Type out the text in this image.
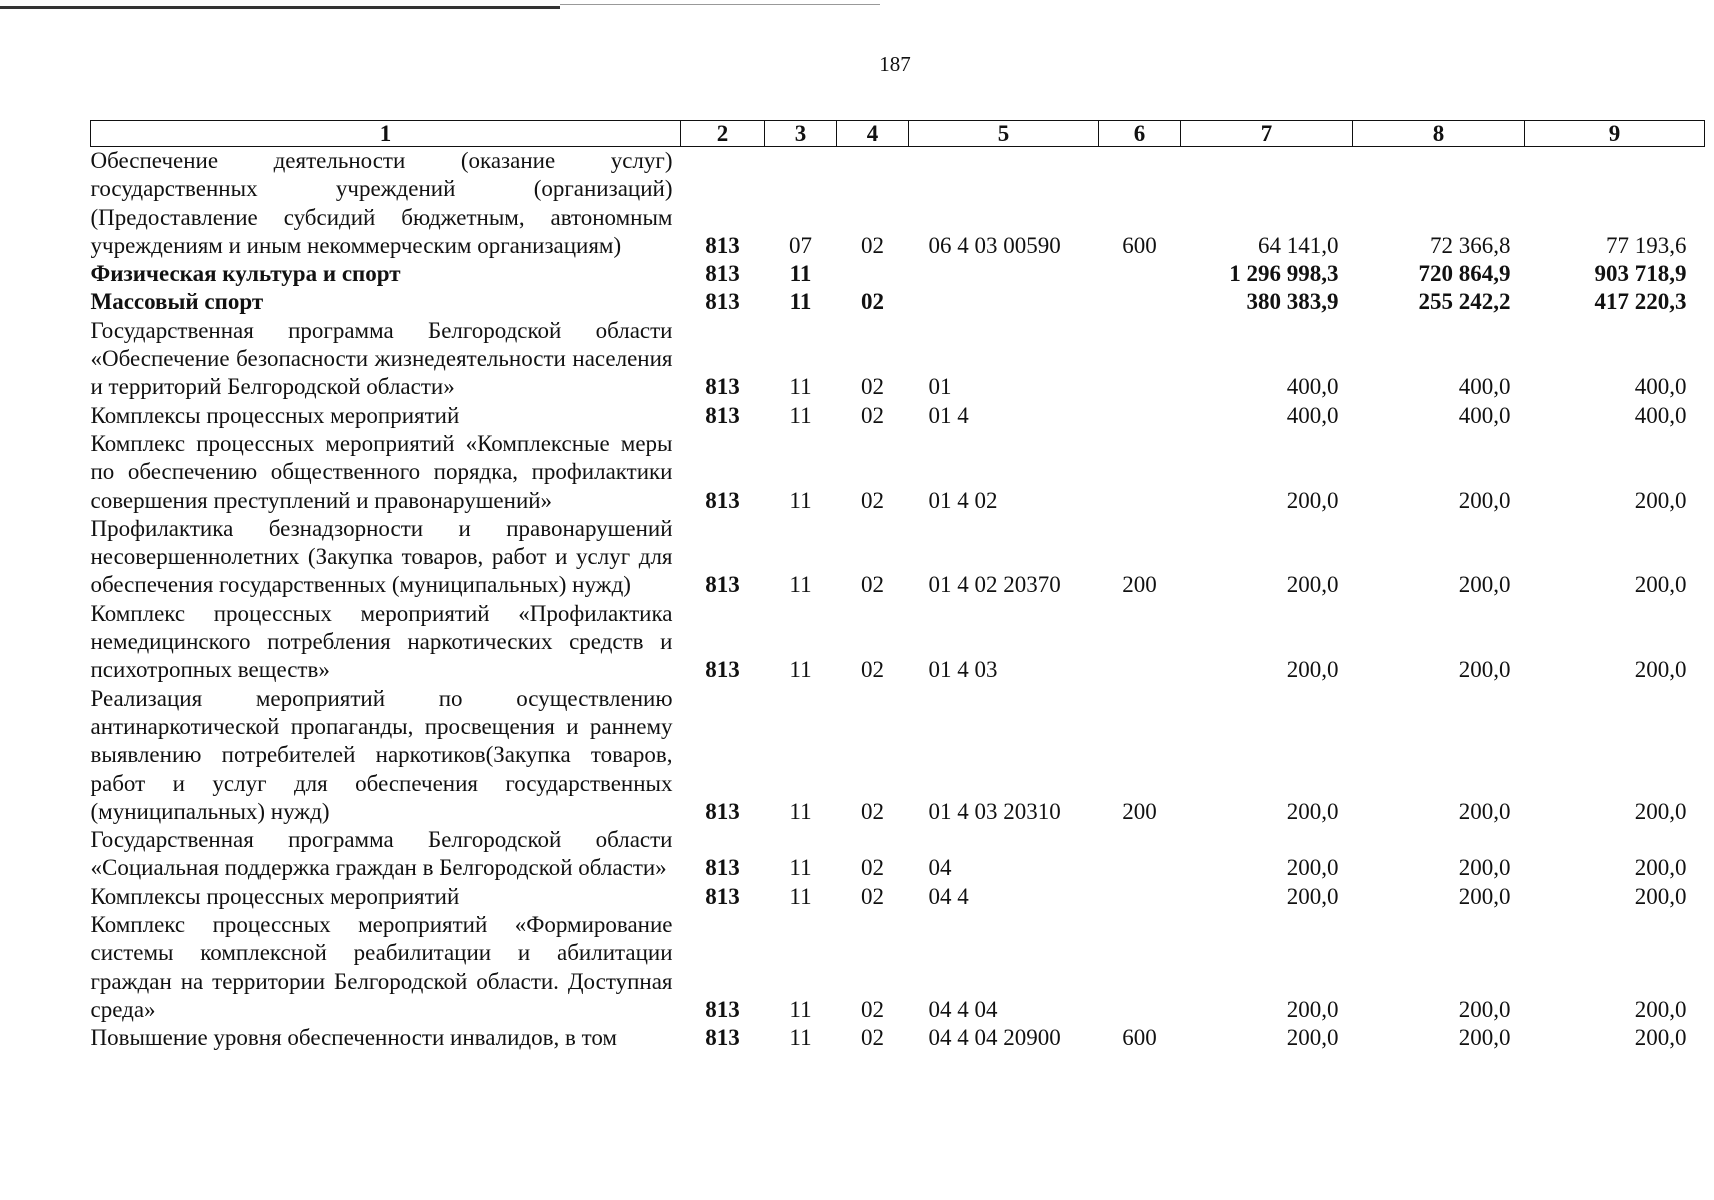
187
1	2	3	4	5	6	7	8	9
Обеспечение деятельности (оказание услуг) государственных учреждений (организаций) (Предоставление субсидий бюджетным, автономным учреждениям и иным некоммерческим организациям)	813	07	02	06 4 03 00590	600	64 141,0	72 366,8	77 193,6
Физическая культура и спорт	813	11				1 296 998,3	720 864,9	903 718,9
Массовый спорт	813	11	02			380 383,9	255 242,2	417 220,3
Государственная программа Белгородской области «Обеспечение безопасности жизнедеятельности населения и территорий Белгородской области»	813	11	02	01		400,0	400,0	400,0
Комплексы процессных мероприятий	813	11	02	01 4		400,0	400,0	400,0
Комплекс процессных мероприятий «Комплексные меры по обеспечению общественного порядка, профилактики совершения преступлений и правонарушений»	813	11	02	01 4 02		200,0	200,0	200,0
Профилактика безнадзорности и правонарушений несовершеннолетних (Закупка товаров, работ и услуг для обеспечения государственных (муниципальных) нужд)	813	11	02	01 4 02 20370	200	200,0	200,0	200,0
Комплекс процессных мероприятий «Профилактика немедицинского потребления наркотических средств и психотропных веществ»	813	11	02	01 4 03		200,0	200,0	200,0
Реализация мероприятий по осуществлению антинаркотической пропаганды, просвещения и раннему выявлению потребителей наркотиков(Закупка товаров, работ и услуг для обеспечения государственных (муниципальных) нужд)	813	11	02	01 4 03 20310	200	200,0	200,0	200,0
Государственная программа Белгородской области «Социальная поддержка граждан в Белгородской области»	813	11	02	04		200,0	200,0	200,0
Комплексы процессных мероприятий	813	11	02	04 4		200,0	200,0	200,0
Комплекс процессных мероприятий «Формирование системы комплексной реабилитации и абилитации граждан на территории Белгородской области. Доступная среда»	813	11	02	04 4 04		200,0	200,0	200,0
Повышение уровня обеспеченности инвалидов, в том	813	11	02	04 4 04 20900	600	200,0	200,0	200,0
